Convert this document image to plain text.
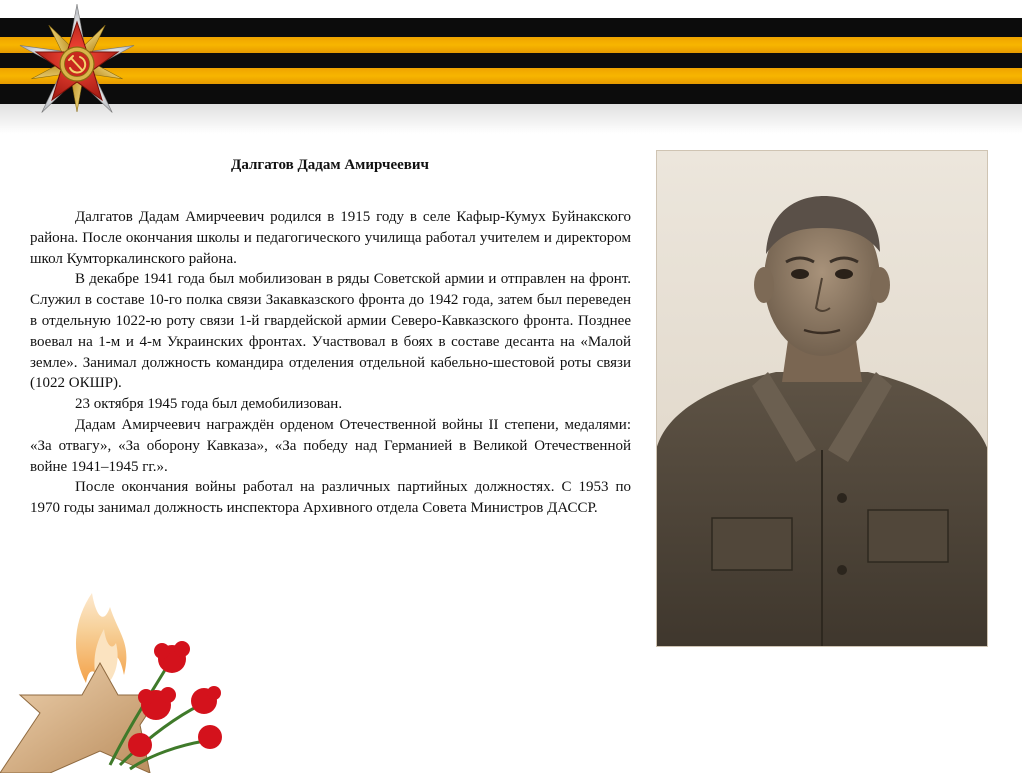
Далгатов Дадам Амирчеевич

Далгатов Дадам Амирчеевич родился в 1915 году в селе Кафыр-Кумух Буйнакского района. После окончания школы и педагогического училища работал учителем и директором школ Кумторкалинского района.

В декабре 1941 года был мобилизован в ряды Советской армии и отправлен на фронт. Служил в составе 10-го полка связи Закавказского фронта до 1942 года, затем был переведен в отдельную 1022-ю роту связи 1-й гвардейской армии Северо-Кавказского фронта. Позднее воевал на 1-м и 4-м Украинских фронтах. Участвовал в боях в составе десанта на «Малой земле». Занимал должность командира отделения отдельной кабельно-шестовой роты связи (1022 ОКШР).

23 октября 1945 года был демобилизован.

Дадам Амирчеевич награждён орденом Отечественной войны II степени, медалями: «За отвагу», «За оборону Кавказа», «За победу над Германией в Великой Отечественной войне 1941–1945 гг.».

После окончания войны работал на различных партийных должностях. С 1953 по 1970 годы занимал должность инспектора Архивного отдела Совета Министров ДАССР.
